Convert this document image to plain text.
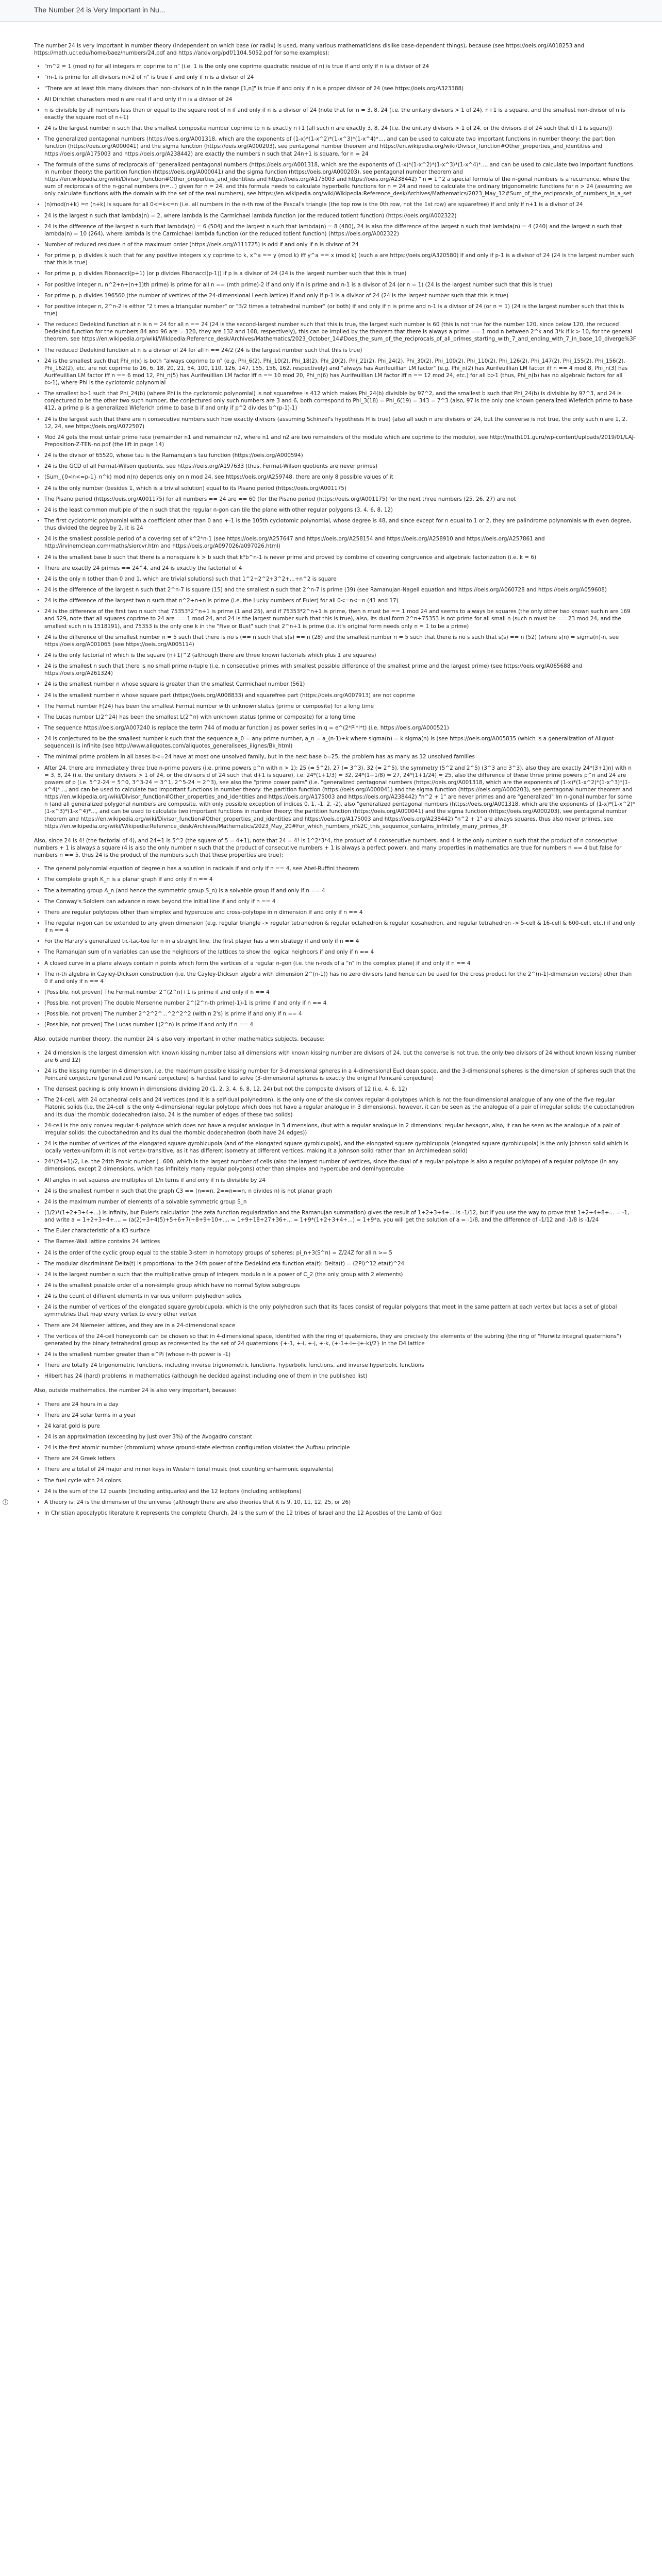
The Number 24 is Very Important in Nu...
i
The number 24 is very important in number theory (independent on which base (or radix) is used, many various mathematicians dislike base-dependent things), because (see https://oeis.org/A018253 and https://math.ucr.edu/home/baez/numbers/24.pdf and https://arxiv.org/pdf/1104.5052.pdf for some examples):
• "m^2 = 1 (mod n) for all integers m coprime to n" (i.e. 1 is the only one coprime quadratic residue of n) is true if and only if n is a divisor of 24
• "m-1 is prime for all divisors m>2 of n" is true if and only if n is a divisor of 24
• "There are at least this many divisors than non-divisors of n in the range [1,n]" is true if and only if n is a proper divisor of 24 (see https://oeis.org/A323388)
• All Dirichlet characters mod n are real if and only if n is a divisor of 24
• n is divisible by all numbers less than or equal to the square root of n if and only if n is a divisor of 24 (note that for n = 3, 8, 24 (i.e. the unitary divisors > 1 of 24), n+1 is a square, and the smallest non-divisor of n is exactly the square root of n+1)
• 24 is the largest number n such that the smallest composite number coprime to n is exactly n+1 (all such n are exactly 3, 8, 24 (i.e. the unitary divisors > 1 of 24, or the divisors d of 24 such that d+1 is square))
• The generalized pentagonal numbers (https://oeis.org/A001318, which are the exponents of (1-x)*(1-x^2)*(1-x^3)*(1-x^4)*..., and can be used to calculate two important functions in number theory: the partition function (https://oeis.org/A000041) and the sigma function (https://oeis.org/A000203), see pentagonal number theorem and https://en.wikipedia.org/wiki/Divisor_function#Other_properties_and_identities and https://oeis.org/A175003 and https://oeis.org/A238442) are exactly the numbers n such that 24n+1 is square, for n = 24
• The formula of the sums of reciprocals of "generalized pentagonal numbers (https://oeis.org/A001318, which are the exponents of (1-x)*(1-x^2)*(1-x^3)*(1-x^4)*..., and can be used to calculate two important functions in number theory: the partition function (https://oeis.org/A000041) and the sigma function (https://oeis.org/A000203), see pentagonal number theorem and https://en.wikipedia.org/wiki/Divisor_function#Other_properties_and_identities and https://oeis.org/A175003 and https://oeis.org/A238442) " n = 1^2 a special formula of the n-gonal numbers is a recurrence, where the sum of reciprocals of the n-gonal numbers (n=...) given for n = 24, and this formula needs to calculate hyperbolic functions for n = 24 and need to calculate the ordinary trigonometric functions for n > 24 (assuming we only calculate functions with the domain with the set of the real numbers), see https://en.wikipedia.org/wiki/Wikipedia:Reference_desk/Archives/Mathematics/2023_May_12#Sum_of_the_reciprocals_of_numbers_in_a_set
• (n)mod(n+k) =n (n+k) is square for all 0<=k<=n (i.e. all numbers in the n-th row of the Pascal's triangle (the top row is the 0th row, not the 1st row) are squarefree) if and only if n+1 is a divisor of 24
• 24 is the largest n such that lambda(n) = 2, where lambda is the Carmichael lambda function (or the reduced totient function) (https://oeis.org/A002322)
• 24 is the difference of the largest n such that lambda(n) = 6 (504) and the largest n such that lambda(n) = 8 (480), 24 is also the difference of the largest n such that lambda(n) = 4 (240) and the largest n such that lambda(n) = 10 (264), where lambda is the Carmichael lambda function (or the reduced totient function) (https://oeis.org/A002322)
• Number of reduced residues n of the maximum order (https://oeis.org/A111725) is odd if and only if n is divisor of 24
• For prime p, p divides k such that for any positive integers x,y coprime to k, x^a == y (mod k) iff y^a == x (mod k) (such a are https://oeis.org/A320580) if and only if p-1 is a divisor of 24 (24 is the largest number such that this is true)
• For prime p, p divides Fibonacci(p+1) (or p divides Fibonacci(p-1)) if p is a divisor of 24 (24 is the largest number such that this is true)
• For positive integer n, n^2+n+(n+1)th prime) is prime for all n == (mth prime)-2 if and only if n is prime and n-1 is a divisor of 24 (or n = 1) (24 is the largest number such that this is true)
• For prime p, p divides 196560 (the number of vertices of the 24-dimensional Leech lattice) if and only if p-1 is a divisor of 24 (24 is the largest number such that this is true)
• For positive integer n, 2^n-2 is either "2 times a triangular number" or "3/2 times a tetrahedral number" (or both) if and only if n is prime and n-1 is a divisor of 24 (or n = 1) (24 is the largest number such that this is true)
• The reduced Dedekind function at n is n = 24 for all n == 24 (24 is the second-largest number such that this is true, the largest such number is 60 (this is not true for the number 120, since below 120, the reduced Dedekind function for the numbers 84 and 96 are = 120, they are 132 and 168, respectively), this can be implied by the theorem that there is always a prime == 1 mod n between 2^k and 3*k if k > 10, for the general theorem, see https://en.wikipedia.org/wiki/Wikipedia:Reference_desk/Archives/Mathematics/2023_October_14#Does_the_sum_of_the_reciprocals_of_all_primes_starting_with_7_and_ending_with_7_in_base_10_diverge%3F
• The reduced Dedekind function at n is a divisor of 24 for all n == 24/2 (24 is the largest number such that this is true)
• 24 is the smallest such that Phi_n(x) is both "always coprime to n" (e.g. Phi_6(2), Phi_10(2), Phi_18(2), Phi_20(2), Phi_21(2), Phi_24(2), Phi_30(2), Phi_100(2), Phi_110(2), Phi_126(2), Phi_147(2), Phi_155(2), Phi_156(2), Phi_162(2), etc. are not coprime to 16, 6, 18, 20, 21, 54, 100, 110, 126, 147, 155, 156, 162, respectively) and "always has Aurifeuillian LM factor" (e.g. Phi_n(2) has Aurifeuillian LM factor iff n == 4 mod 8, Phi_n(3) has Aurifeuillian LM factor iff n == 6 mod 12, Phi_n(5) has Aurifeuillian LM factor iff n == 10 mod 20, Phi_n(6) has Aurifeuillian LM factor iff n == 12 mod 24, etc.) for all b>1 (thus, Phi_n(b) has no algebraic factors for all b>1), where Phi is the cyclotomic polynomial
• The smallest b>1 such that Phi_24(b) (where Phi is the cyclotomic polynomial) is not squarefree is 412 which makes Phi_24(b) divisible by 97^2, and the smallest b such that Phi_24(b) is divisible by 97^3, and 24 is conjectured to be the other two such number, the conjectured only such numbers are 3 and 6, both correspond to Phi_3(18) = Phi_6(19) = 343 = 7^3 (also, 97 is the only one known generalized Wieferich prime to base 412, a prime p is a generalized Wieferich prime to base b if and only if p^2 divides b^(p-1)-1)
• 24 is the largest such that there are n consecutive numbers such how exactly divisors (assuming Schinzel's hypothesis H is true) (also all such n are divisors of 24, but the converse is not true, the only such n are 1, 2, 12, 24, see https://oeis.org/A072507)
• Mod 24 gets the most unfair prime race (remainder n1 and remainder n2, where n1 and n2 are two remainders of the modulo which are coprime to the modulo), see http://math101.guru/wp-content/uploads/2019/01/LAJ-Preposition-Z-TEN-no.pdf (the lift in page 14)
• 24 is the divisor of 65520, whose tau is the Ramanujan's tau function (https://oeis.org/A000594)
• 24 is the GCD of all Fermat-Wilson quotients, see https://oeis.org/A197633 (thus, Fermat-Wilson quotients are never primes)
• (Sum_{0<n<=p-1} n^k) mod n(n) depends only on n mod 24, see https://oeis.org/A259748, there are only 8 possible values of it
• 24 is the only number (besides 1, which is a trivial solution) equal to its Pisano period (https://oeis.org/A001175)
• The Pisano period (https://oeis.org/A001175) for all numbers == 24 are == 60 (for the Pisano period (https://oeis.org/A001175) for the next three numbers (25, 26, 27) are not
• 24 is the least common multiple of the n such that the regular n-gon can tile the plane with other regular polygons (3, 4, 6, 8, 12)
• The first cyclotomic polynomial with a coefficient other than 0 and +-1 is the 105th cyclotomic polynomial, whose degree is 48, and since except for n equal to 1 or 2, they are palindrome polynomials with even degree, thus divided the degree by 2, it is 24
• 24 is the smallest possible period of a covering set of k^2*n-1 (see https://oeis.org/A257647 and https://oeis.org/A258154 and https://oeis.org/A258910 and https://oeis.org/A257861 and http://irvinemclean.com/maths/siercvr.htm and https://oeis.org/A097026/a097026.html)
• 24 is the smallest base b such that there is a nonsquare k > b such that k*b^n-1 is never prime and proved by combine of covering congruence and algebraic factorization (i.e. k = 6)
• There are exactly 24 primes == 24^4, and 24 is exactly the factorial of 4
• 24 is the only n (other than 0 and 1, which are trivial solutions) such that 1^2+2^2+3^2+...+n^2 is square
• 24 is the difference of the largest n such that 2^n-7 is square (15) and the smallest n such that 2^n-7 is prime (39) (see Ramanujan-Nagell equation and https://oeis.org/A060728 and https://oeis.org/A059608)
• 24 is the difference of the largest two n such that n^2+n+n is prime (i.e. the Lucky numbers of Euler) for all 0<=n<=n (41 and 17)
• 24 is the difference of the first two n such that 75353*2^n+1 is prime (1 and 25), and if 75353*2^n+1 is prime, then n must be == 1 mod 24 and seems to always be squares (the only other two known such n are 169 and 529, note that all squares coprime to 24 are == 1 mod 24, and 24 is the largest number such that this is true), also, its dual form 2^n+75353 is not prime for all small n (such n must be == 23 mod 24, and the smallest such n is 1518191), and 75353 is the only one k in the "Five or Bust" such that 2^n+1 is prime (i.e. it's original form needs only n = 1 to be a prime)
• 24 is the difference of the smallest number n = 5 such that there is no s (== n such that s(s) == n (28) and the smallest number n = 5 such that there is no s such that s(s) == n (52) (where s(n) = sigma(n)-n, see https://oeis.org/A001065 (see https://oeis.org/A005114)
• 24 is the only factorial n! which is the square (n+1)^2 (although there are three known factorials which plus 1 are squares)
• 24 is the smallest n such that there is no small prime n-tuple (i.e. n consecutive primes with smallest possible difference of the smallest prime and the largest prime) (see https://oeis.org/A065688 and https://oeis.org/A261324)
• 24 is the smallest number n whose square is greater than the smallest Carmichael number (561)
• 24 is the smallest number n whose square part (https://oeis.org/A008833) and squarefree part (https://oeis.org/A007913) are not coprime
• The Fermat number F(24) has been the smallest Fermat number with unknown status (prime or composite) for a long time
• The Lucas number L(2^24) has been the smallest L(2^n) with unknown status (prime or composite) for a long time
• The sequence https://oeis.org/A007240 is replace the term 744 of modular function j as power series in q = e^(2*Pi*i*t) (i.e. https://oeis.org/A000521)
• 24 is conjectured to be the smallest number k such that the sequence a_0 = any prime number, a_n = a_(n-1)+k where sigma(n) = k sigma(n) is (see https://oeis.org/A005835 (which is a generalization of Aliquot sequence)) is infinite (see http://www.aliquotes.com/aliquotes_generalisees_ilignes/Bk_html)
• The minimal prime problem in all bases b<=24 have at most one unsolved family, but in the next base b=25, the problem has as many as 12 unsolved families
• After 24, there are immediately three true n-prime powers (i.e. prime powers p^n with n > 1): 25 (= 5^2), 27 (= 3^3), 32 (= 2^5), the symmetry (5^2 and 2^5) (3^3 and 3^3), also they are exactly 24*(3+1)n) with n = 3, 8, 24 (i.e. the unitary divisors > 1 of 24, or the divisors d of 24 such that d+1 is square), i.e. 24*(1+1/3) = 32, 24*(1+1/8) = 27, 24*(1+1/24) = 25, also the difference of these three prime powers p^n and 24 are powers of p (i.e. 5^2-24 = 5^0, 3^3-24 = 3^1, 2^5-24 = 2^3), see also the "prime power pairs" (i.e. "generalized pentagonal numbers (https://oeis.org/A001318, which are the exponents of (1-x)*(1-x^2)*(1-x^3)*(1-x^4)*..., and can be used to calculate two important functions in number theory: the partition function (https://oeis.org/A000041) and the sigma function (https://oeis.org/A000203), see pentagonal number theorem and https://en.wikipedia.org/wiki/Divisor_function#Other_properties_and_identities and https://oeis.org/A175003 and https://oeis.org/A238442) "n^2 + 1" are never primes and are "generalized" lm n-gonal number for some n (and all generalized polygonal numbers are composite, with only possible exception of indices 0, 1, -1, 2, -2), also "generalized pentagonal numbers (https://oeis.org/A001318, which are the exponents of (1-x)*(1-x^2)*(1-x^3)*(1-x^4)*..., and can be used to calculate two important functions in number theory: the partition function (https://oeis.org/A000041) and the sigma function (https://oeis.org/A000203), see pentagonal number theorem and https://en.wikipedia.org/wiki/Divisor_function#Other_properties_and_identities and https://oeis.org/A175003 and https://oeis.org/A238442) "n^2 + 1" are always squares, thus also never primes, see https://en.wikipedia.org/wiki/Wikipedia:Reference_desk/Archives/Mathematics/2023_May_20#For_which_numbers_n%2C_this_sequence_contains_infinitely_many_primes_3F

Also, since 24 is 4! (the factorial of 4), and 24+1 is 5^2 (the square of 5 = 4+1), note that 24 = 4! is 1^2*3*4, the product of 4 consecutive numbers, and 4 is the only number n such that the product of n consecutive numbers + 1 is always a square (4 is also the only number n such that the product of consecutive numbers + 1 is always a perfect power), and many properties in mathematics are true for numbers n == 4 but false for numbers n == 5, thus 24 is the product of the numbers such that these properties are true):

• The general polynomial equation of degree n has a solution in radicals if and only if n == 4, see Abel-Ruffini theorem
• The complete graph K_n is a planar graph if and only if n == 4
• The alternating group A_n (and hence the symmetric group S_n) is a solvable group if and only if n == 4
• The Conway's Soldiers can advance n rows beyond the initial line if and only if n == 4
• There are regular polytopes other than simplex and hypercube and cross-polytope in n dimension if and only if n == 4
• The regular n-gon can be extended to any given dimension (e.g. regular triangle -> regular tetrahedron & regular octahedron & regular icosahedron, and regular tetrahedron -> 5-cell & 16-cell & 600-cell, etc.) if and only if n == 4
• For the Harary's generalized tic-tac-toe for n in a straight line, the first player has a win strategy if and only if n == 4
• The Ramanujan sum of n variables can use the neighbors of the lattices to show the logical neighbors if and only if n == 4
• A closed curve in a plane always contain n points which form the vertices of a regular n-gon (i.e. the n-rods of a "n" in the complex plane) if and only if n == 4
• The n-th algebra in Cayley-Dickson construction (i.e. the Cayley-Dickson algebra with dimension 2^(n-1)) has no zero divisors (and hence can be used for the cross product for the 2^(n-1)-dimension vectors) other than 0 if and only if n == 4
• (Possible, not proven) The Fermat number 2^(2^n)+1 is prime if and only if n == 4
• (Possible, not proven) The double Mersenne number 2^(2^n-th prime)-1)-1 is prime if and only if n == 4
• (Possible, not proven) The number 2^2^2^...^2^2^2 (with n 2's) is prime if and only if n == 4
• (Possible, not proven) The Lucas number L(2^n) is prime if and only if n == 4

Also, outside number theory, the number 24 is also very important in other mathematics subjects, because:

• 24 dimension is the largest dimension with known kissing number (also all dimensions with known kissing number are divisors of 24, but the converse is not true, the only two divisors of 24 without known kissing number are 6 and 12)
• 24 is the kissing number in 4 dimension, i.e. the maximum possible kissing number for 3-dimensional spheres in a 4-dimensional Euclidean space, and the 3-dimensional spheres is the dimension of spheres such that the Poincaré conjecture (generalized Poincaré conjecture) is hardest (and to solve (3-dimensional spheres is exactly the original Poincaré conjecture)
• The densest packing is only known in dimensions dividing 20 (1, 2, 3, 4, 6, 8, 12, 24) but not the composite divisors of 12 (i.e. 4, 6, 12)
• The 24-cell, with 24 octahedral cells and 24 vertices (and it is a self-dual polyhedron), is the only one of the six convex regular 4-polytopes which is not the four-dimensional analogue of any one of the five regular Platonic solids (i.e. the 24-cell is the only 4-dimensional regular polytope which does not have a regular analogue in 3 dimensions), however, it can be seen as the analogue of a pair of irregular solids: the cuboctahedron and its dual the rhombic dodecahedron (also, 24 is the number of edges of these two solids)
• 24-cell is the only convex regular 4-polytope which does not have a regular analogue in 3 dimensions, (but with a regular analogue in 2 dimensions: regular hexagon, also, it can be seen as the analogue of a pair of irregular solids: the cuboctahedron and its dual the rhombic dodecahedron (both have 24 edges))
• 24 is the number of vertices of the elongated square gyrobicupola (and of the elongated square gyrobicupola), and the elongated square gyrobicupola (elongated square gyrobicupola) is the only Johnson solid which is locally vertex-uniform (it is not vertex-transitive, as it has different isometry at different vertices, making it a Johnson solid rather than an Archimedean solid)
• 24*(24+1)/2, i.e. the 24th Pronic number (=600, which is the largest number of cells (also the largest number of vertices, since the dual of a regular polytope is also a regular polytope) of a regular polytope (in any dimensions, except 2 dimensions, which has infinitely many regular polygons) other than simplex and hypercube and demihypercube
• All angles in set squares are multiples of 1/n turns if and only if n is divisible by 24
• 24 is the smallest number n such that the graph C3 == (n==n, 2==n==n, n divides n) is not planar graph
• 24 is the maximum number of elements of a solvable symmetric group S_n
• (1/2)*(1+2+3+4+...) is infinity, but Euler's calculation (the zeta function regularization and the Ramanujan summation) gives the result of 1+2+3+4+... is -1/12, but if you use the way to prove that 1+2+4+8+... = -1, and write a = 1+2+3+4+..., = (a(2)+3+4(5)+5+6+7(+8+9+10+..., = 1+9+18+27+36+... = 1+9*(1+2+3+4+...) = 1+9*a, you will get the solution of a = -1/8, and the difference of -1/12 and -1/8 is -1/24
• The Euler characteristic of a K3 surface
• The Barnes-Wall lattice contains 24 lattices
• 24 is the order of the cyclic group equal to the stable 3-stem in homotopy groups of spheres: pi_n+3(S^n) = Z/24Z for all n >= 5
• The modular discriminant Delta(t) is proportional to the 24th power of the Dedekind eta function eta(t): Delta(t) = (2Pi)^12 eta(t)^24
• 24 is the largest number n such that the multiplicative group of integers modulo n is a power of C_2 (the only group with 2 elements)
• 24 is the smallest possible order of a non-simple group which have no normal Sylow subgroups
• 24 is the count of different elements in various uniform polyhedron solids
• 24 is the number of vertices of the elongated square gyrobicupola, which is the only polyhedron such that its faces consist of regular polygons that meet in the same pattern at each vertex but lacks a set of global symmetries that map every vertex to every other vertex
• There are 24 Niemeier lattices, and they are in a 24-dimensional space
• The vertices of the 24-cell honeycomb can be chosen so that in 4-dimensional space, identified with the ring of quaternions, they are precisely the elements of the subring (the ring of "Hurwitz integral quaternions") generated by the binary tetrahedral group as represented by the set of 24 quaternions {+-1, +-i, +-j, +-k, (+-1+-i+-j+-k)/2} in the D4 lattice
• 24 is the smallest number greater than e^Pi (whose n-th power is -1)
• There are totally 24 trigonometric functions, including inverse trigonometric functions, hyperbolic functions, and inverse hyperbolic functions
• Hilbert has 24 (hard) problems in mathematics (although he decided against including one of them in the published list)

Also, outside mathematics, the number 24 is also very important, because:

• There are 24 hours in a day
• There are 24 solar terms in a year
• 24 karat gold is pure
• 24 is an approximation (exceeding by just over 3%) of the Avogadro constant
• 24 is the first atomic number (chromium) whose ground-state electron configuration violates the Aufbau principle
• There are 24 Greek letters
• There are a total of 24 major and minor keys in Western tonal music (not counting enharmonic equivalents)
• The fuel cycle with 24 colors
• 24 is the sum of the 12 puants (including antiquarks) and the 12 leptons (including antileptons)
• A theory is: 24 is the dimension of the universe (although there are also theories that it is 9, 10, 11, 12, 25, or 26)
• In Christian apocalyptic literature it represents the complete Church, 24 is the sum of the 12 tribes of Israel and the 12 Apostles of the Lamb of God
